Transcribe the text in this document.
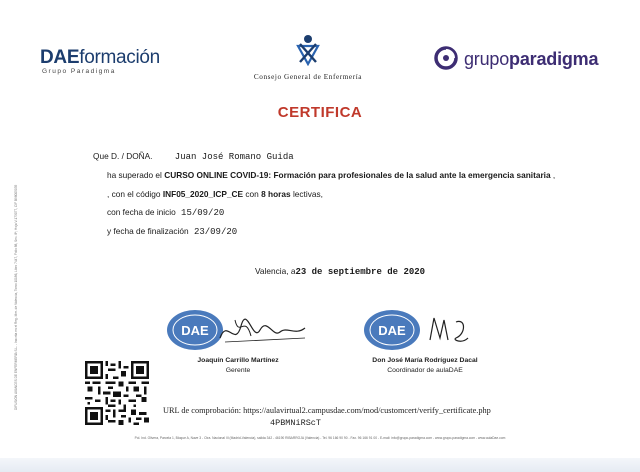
DIFUSIÓN AVANCES DE ENFERMERÍA S.L. - Inscrita en el Reg. Mer. de Valencia, Tomo 10186, Libro 7447, Folio 88, Sec. 8ª, Hoja V-173077, CIF B98005035
DAEformación
Grupo Paradigma
Consejo General de Enfermería
grupoparadigma
CERTIFICA
Que D. / DOÑA. Juan José Romano Guida
ha superado el CURSO ONLINE COVID-19: Formación para profesionales de la salud ante la emergencia sanitaria ,
, con el código INF05_2020_ICP_CE con 8 horas lectivas,
con fecha de inicio 15/09/20
y fecha de finalización 23/09/20
Valencia, a23 de septiembre de 2020
DAE
Joaquín Carrillo Martínez
Gerente
DAE
Don José María Rodríguez Dacal
Coordinador de aulaDAE
URL de comprobación: https://aulavirtual2.campusdae.com/mod/customcert/verify_certificate.php
4PBMNiRScT
Pol. Ind. Olivera, Parcela 1, Bloque A, Nave 3 - Ctra. Nacional III (Madrid-Valencia), salida 342 - 46190 RIBARROJA (Valencia) - Tel. 96 166 90 90 - Fax. 96 166 91 00 - E-mail: info@grupo-paradigma.com - www.grupo-paradigma.com - www.aulaDae.com
